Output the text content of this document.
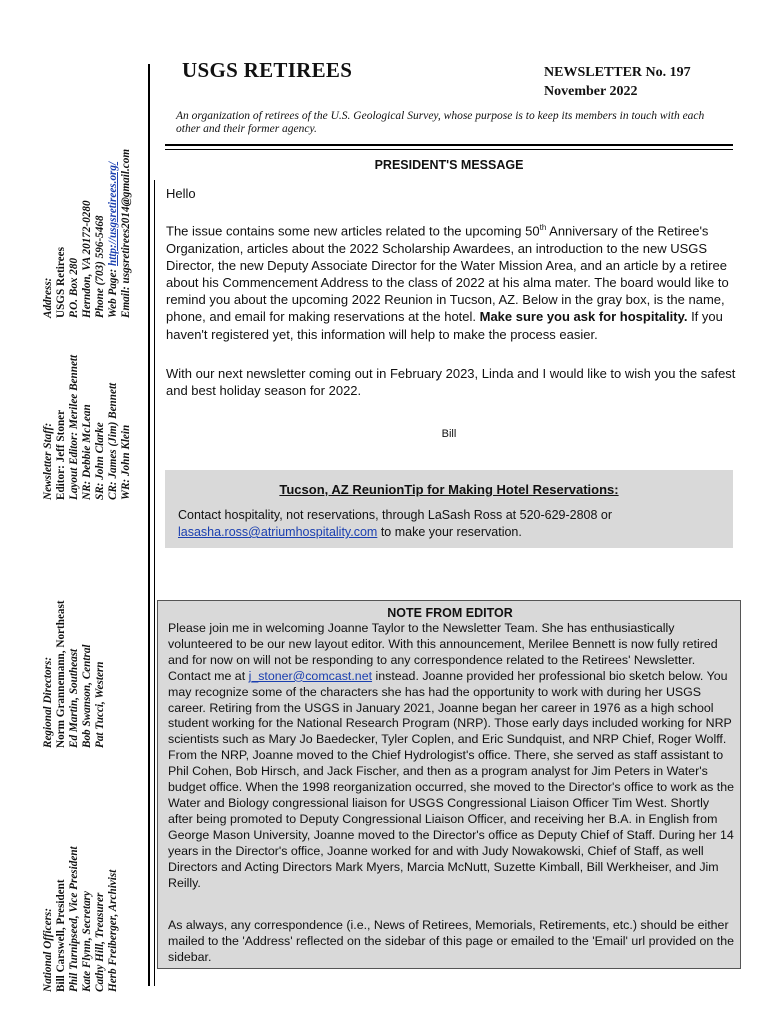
Address: USGS Retirees P.O. Box 280 Herndon, VA 20172-0280 Phone (703) 596-5468 Web Page: http://usgsretirees.org/ Email: usgsretirees2014@gmail.com
Newsletter Staff: Editor: Jeff Stoner Layout Editor: Merilee Bennett NR: Debbie McLean SR: John Clarke CR: James (Jim) Bennett WR: John Klein
Regional Directors: Norm Grannemann, Northeast Ed Martin, Southeast Bob Swanson, Central Pat Tucci, Western
National Officers: Bill Carswell, President Phil Turnipseed, Vice President Kate Flynn, Secretary Cathy Hill, Treasurer Herb Freiberger, Archivist
USGS RETIREES	NEWSLETTER No. 197
November 2022
An organization of retirees of the U.S. Geological Survey, whose purpose is to keep its members in touch with each other and their former agency.
PRESIDENT'S MESSAGE
Hello
The issue contains some new articles related to the upcoming 50th Anniversary of the Retiree's Organization, articles about the 2022 Scholarship Awardees, an introduction to the new USGS Director, the new Deputy Associate Director for the Water Mission Area, and an article by a retiree about his Commencement Address to the class of 2022 at his alma mater. The board would like to remind you about the upcoming 2022 Reunion in Tucson, AZ. Below in the gray box, is the name, phone, and email for making reservations at the hotel. Make sure you ask for hospitality. If you haven't registered yet, this information will help to make the process easier.
With our next newsletter coming out in February 2023, Linda and I would like to wish you the safest and best holiday season for 2022.
Bill
Tucson, AZ ReunionTip for Making Hotel Reservations:
Contact hospitality, not reservations, through LaSash Ross at 520-629-2808 or
lasasha.ross@atriumhospitality.com to make your reservation.
NOTE FROM EDITOR
Please join me in welcoming Joanne Taylor to the Newsletter Team. She has enthusiastically volunteered to be our new layout editor. With this announcement, Merilee Bennett is now fully retired and for now on will not be responding to any correspondence related to the Retirees' Newsletter. Contact me at j_stoner@comcast.net instead. Joanne provided her professional bio sketch below. You may recognize some of the characters she has had the opportunity to work with during her USGS career. Retiring from the USGS in January 2021, Joanne began her career in 1976 as a high school student working for the National Research Program (NRP). Those early days included working for NRP scientists such as Mary Jo Baedecker, Tyler Coplen, and Eric Sundquist, and NRP Chief, Roger Wolff. From the NRP, Joanne moved to the Chief Hydrologist's office. There, she served as staff assistant to Phil Cohen, Bob Hirsch, and Jack Fischer, and then as a program analyst for Jim Peters in Water's budget office. When the 1998 reorganization occurred, she moved to the Director's office to work as the Water and Biology congressional liaison for USGS Congressional Liaison Officer Tim West. Shortly after being promoted to Deputy Congressional Liaison Officer, and receiving her B.A. in English from George Mason University, Joanne moved to the Director's office as Deputy Chief of Staff. During her 14 years in the Director's office, Joanne worked for and with Judy Nowakowski, Chief of Staff, as well Directors and Acting Directors Mark Myers, Marcia McNutt, Suzette Kimball, Bill Werkheiser, and Jim Reilly.
As always, any correspondence (i.e., News of Retirees, Memorials, Retirements, etc.) should be either mailed to the 'Address' reflected on the sidebar of this page or emailed to the 'Email' url provided on the sidebar.
